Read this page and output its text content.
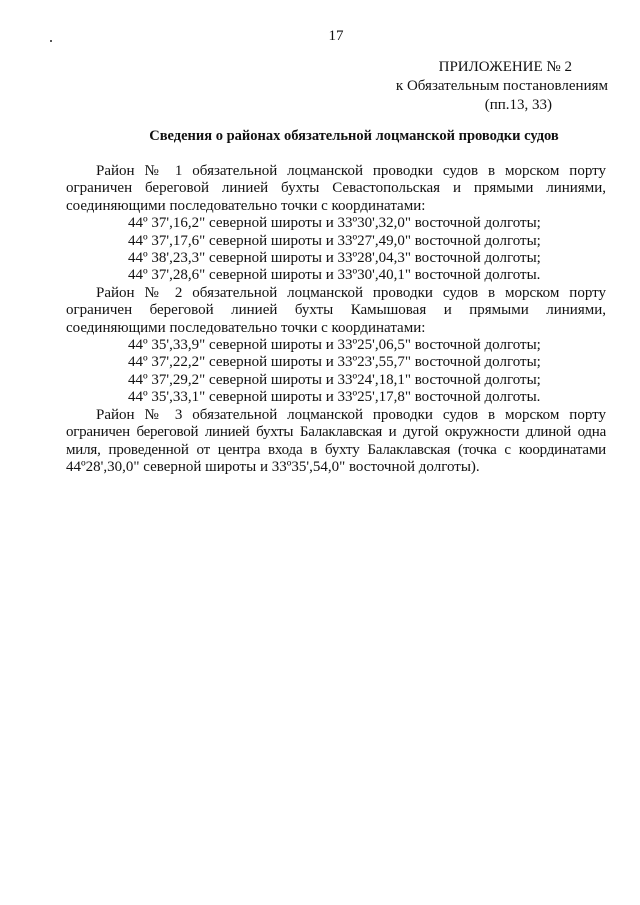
17
ПРИЛОЖЕНИЕ № 2
к Обязательным постановлениям
(пп.13, 33)
Сведения о районах обязательной лоцманской проводки судов
Район № 1 обязательной лоцманской проводки судов в морском порту
ограничен береговой линией бухты Севастопольская и прямыми линиями,
соединяющими последовательно точки с координатами:
44º 37',16,2" северной широты и 33º30',32,0" восточной долготы;
44º 37',17,6" северной широты и 33º27',49,0" восточной долготы;
44º 38',23,3" северной широты и 33º28',04,3" восточной долготы;
44º 37',28,6" северной широты и 33º30',40,1" восточной долготы.
Район № 2 обязательной лоцманской проводки судов в морском порту
ограничен береговой линией бухты Камышовая и прямыми линиями,
соединяющими последовательно точки с координатами:
44º 35',33,9" северной широты и 33º25',06,5" восточной долготы;
44º 37',22,2" северной широты и 33º23',55,7" восточной долготы;
44º 37',29,2" северной широты и 33º24',18,1" восточной долготы;
44º 35',33,1" северной широты и 33º25',17,8" восточной долготы.
Район № 3 обязательной лоцманской проводки судов в морском порту
ограничен береговой линией бухты Балаклавская и дугой окружности длиной одна
миля, проведенной от центра входа в бухту Балаклавская (точка с координатами
44º28',30,0" северной широты и 33º35',54,0" восточной долготы).
